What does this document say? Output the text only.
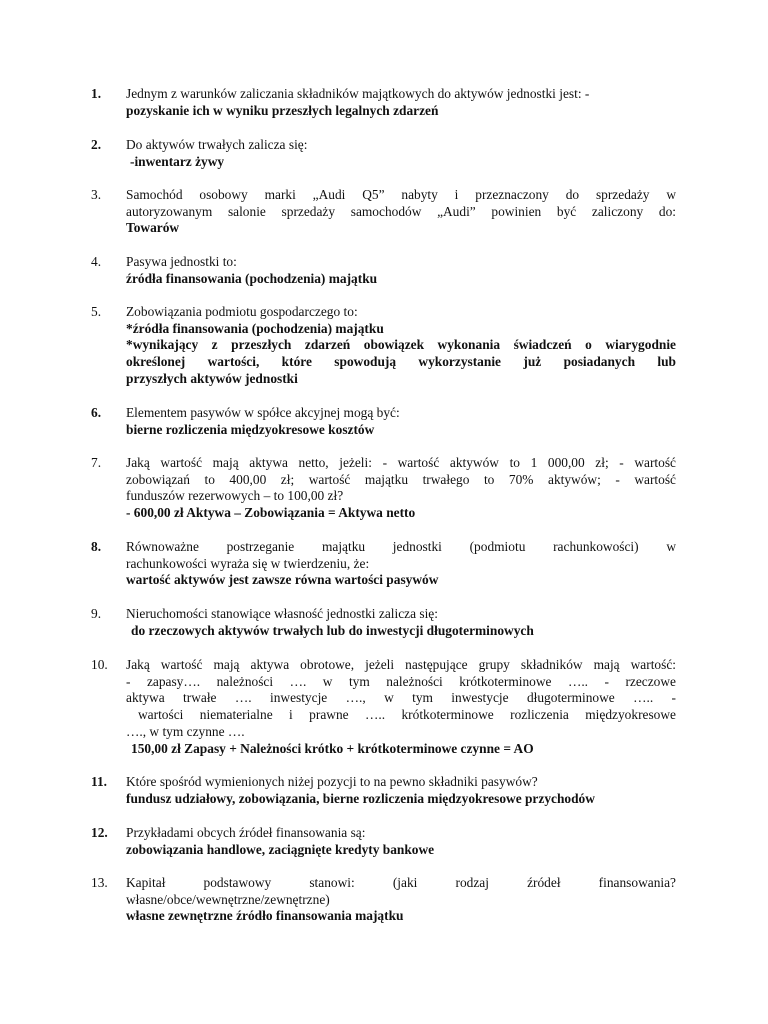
1. Jednym z warunków zaliczania składników majątkowych do aktywów jednostki jest: -
pozyskanie ich w wyniku przeszłych legalnych zdarzeń
2. Do aktywów trwałych zalicza się:
-inwentarz żywy
3. Samochód osobowy marki „Audi Q5” nabyty i przeznaczony do sprzedaży w
autoryzowanym salonie sprzedaży samochodów „Audi” powinien być zaliczony do:
Towarów
4. Pasywa jednostki to:
źródła finansowania (pochodzenia) majątku
5. Zobowiązania podmiotu gospodarczego to:
*źródła finansowania (pochodzenia) majątku
*wynikający z przeszłych zdarzeń obowiązek wykonania świadczeń o wiarygodnie
określonej wartości, które spowodują wykorzystanie już posiadanych lub
przyszłych aktywów jednostki
6. Elementem pasywów w spółce akcyjnej mogą być:
bierne rozliczenia międzyokresowe kosztów
7. Jaką wartość mają aktywa netto, jeżeli: - wartość aktywów to 1 000,00 zł; - wartość
zobowiązań to 400,00 zł; wartość majątku trwałego to 70% aktywów; - wartość
funduszów rezerwowych – to 100,00 zł?
- 600,00 zł Aktywa – Zobowiązania = Aktywa netto
8. Równoważne postrzeganie majątku jednostki (podmiotu rachunkowości) w
rachunkowości wyraża się w twierdzeniu, że:
wartość aktywów jest zawsze równa wartości pasywów
9. Nieruchomości stanowiące własność jednostki zalicza się:
do rzeczowych aktywów trwałych lub do inwestycji długoterminowych
10. Jaką wartość mają aktywa obrotowe, jeżeli następujące grupy składników mają wartość:
- zapasy…. należności …. w tym należności krótkoterminowe ….. - rzeczowe
aktywa trwałe …. inwestycje …., w tym inwestycje długoterminowe ….. -
wartości niematerialne i prawne ….. krótkoterminowe rozliczenia międzyokresowe
…., w tym czynne ….
150,00 zł Zapasy + Należności krótko + krótkoterminowe czynne = AO
11. Które spośród wymienionych niżej pozycji to na pewno składniki pasywów?
fundusz udziałowy, zobowiązania, bierne rozliczenia międzyokresowe przychodów
12. Przykładami obcych źródeł finansowania są:
zobowiązania handlowe, zaciągnięte kredyty bankowe
13. Kapitał podstawowy stanowi: (jaki rodzaj źródeł finansowania?
własne/obce/wewnętrzne/zewnętrzne)
własne zewnętrzne źródło finansowania majątku
